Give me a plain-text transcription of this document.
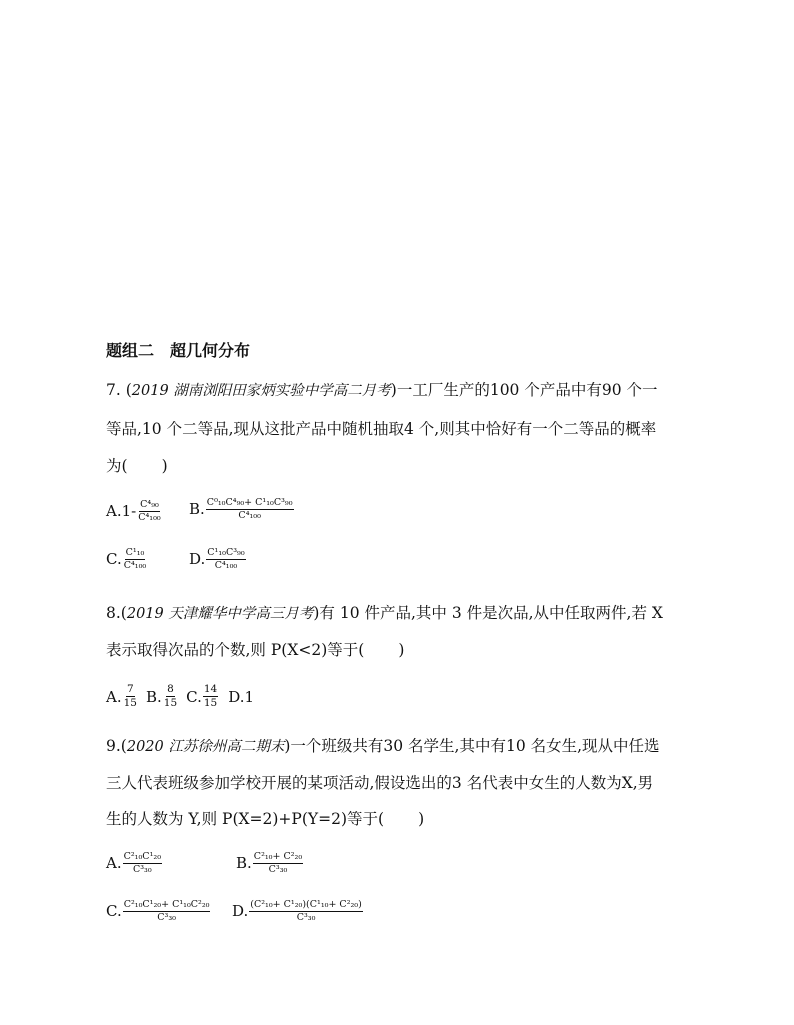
题组二　超几何分布
7. (2019 湖南浏阳田家炳实验中学高二月考)一工厂生产的100 个产品中有90 个一
等品,10 个二等品,现从这批产品中随机抽取4 个,则其中恰好有一个二等品的概率
为( )
$A.1- \frac{\text{C⁴₉₀}}{\text{C⁴₁₀₀}} B$. $\frac{\text{C⁰₁₀C⁴₉₀+ C¹₁₀C³₉₀}}{\text{C⁴₁₀₀}}$
C. $\frac{\text{C¹₁₀}}{\text{C⁴₁₀₀}}$	D. $\frac{\text{C¹₁₀C³₉₀}}{\text{C⁴₁₀₀}}$
8.(2019 天津耀华中学高三月考)有 10 件产品,其中 3 件是次品,从中任取两件,若 X
表示取得次品的个数,则 P(X<2)等于( )
A. $\frac{7}{15} B$. $\frac{8}{15} C$. $\frac{14}{15} D.1$
9.(2020 江苏徐州高二期末)一个班级共有30 名学生,其中有10 名女生,现从中任选
三人代表班级参加学校开展的某项活动,假设选出的3 名代表中女生的人数为X,男
生的人数为 Y,则 P(X=2)+P(Y=2)等于( )
A. $\frac{\text{C²₁₀C¹₂₀}}{\text{C³₃₀}}$	B. $\frac{\text{C²₁₀+ C²₂₀}}{\text{C³₃₀}}$
C. $\frac{\text{C²₁₀C¹₂₀+ C¹₁₀C²₂₀}}{\text{C³₃₀}} D$. $\frac{\text{(C²₁₀+ C¹₂₀)(C¹₁₀+ C²₂₀)}}{\text{C³₃₀}}$
